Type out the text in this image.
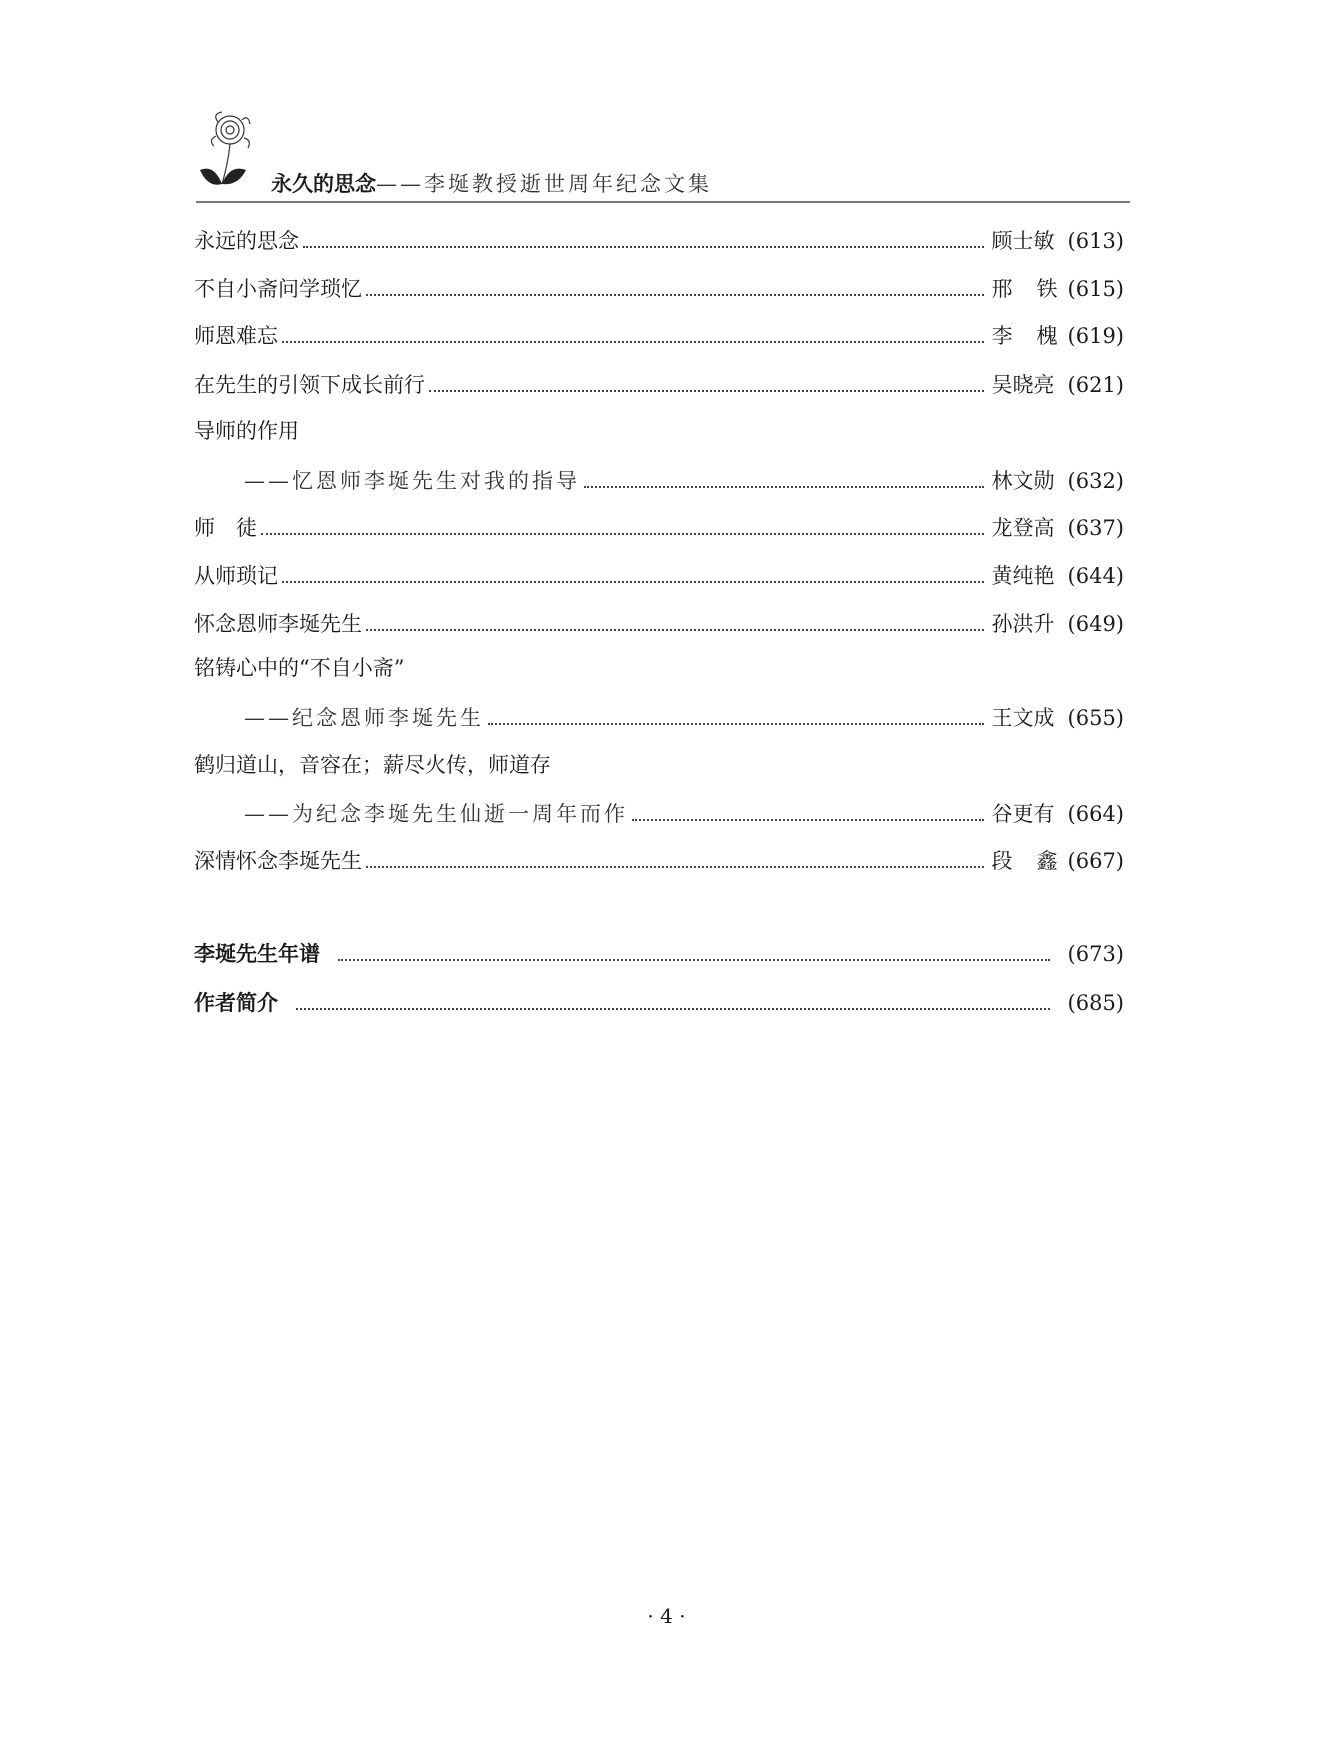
永久的思念——李埏教授逝世周年纪念文集
永远的思念	顾士敏 (613)
不自小斋问学琐忆	邢 铁 (615)
师恩难忘	李 槐 (619)
在先生的引领下成长前行	吴晓亮 (621)
导师的作用
——忆恩师李埏先生对我的指导	林文勋 (632)
师　徒	龙登高 (637)
从师琐记	黄纯艳 (644)
怀念恩师李埏先生	孙洪升 (649)
铭铸心中的“不自小斋”
——纪念恩师李埏先生	王文成 (655)
鹤归道山，音容在；薪尽火传，师道存
——为纪念李埏先生仙逝一周年而作	谷更有 (664)
深情怀念李埏先生	段 鑫 (667)
李埏先生年谱	(673)
作者简介	(685)
· 4 ·
